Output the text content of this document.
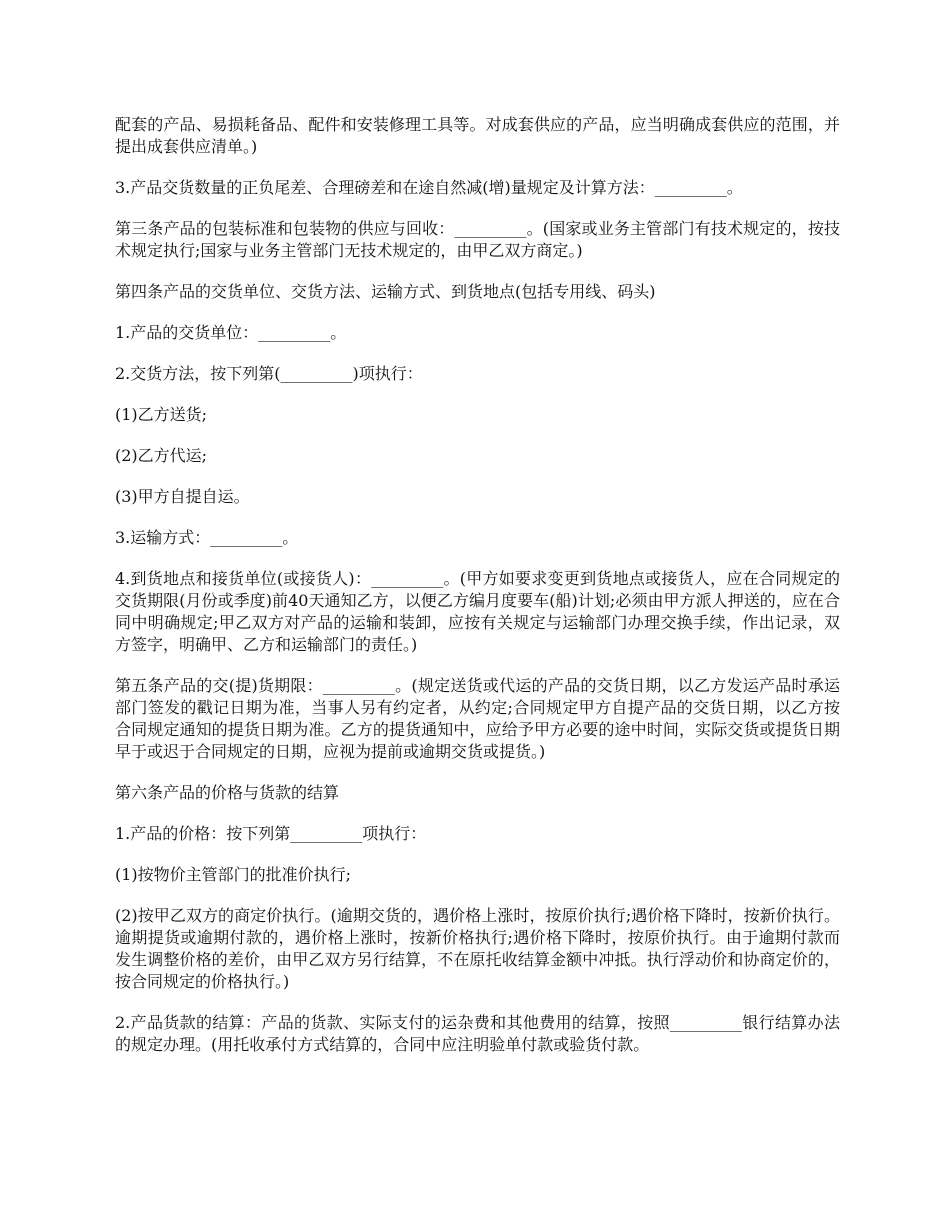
配套的产品、易损耗备品、配件和安装修理工具等。对成套供应的产品，应当明确成套供应的范围，并提出成套供应清单。)

3.产品交货数量的正负尾差、合理磅差和在途自然减(增)量规定及计算方法：_________。

第三条产品的包装标准和包装物的供应与回收：_________。(国家或业务主管部门有技术规定的，按技术规定执行;国家与业务主管部门无技术规定的，由甲乙双方商定。)

第四条产品的交货单位、交货方法、运输方式、到货地点(包括专用线、码头)

1.产品的交货单位：_________。

2.交货方法，按下列第(_________)项执行：

(1)乙方送货;

(2)乙方代运;

(3)甲方自提自运。

3.运输方式：_________。

4.到货地点和接货单位(或接货人)：_________。(甲方如要求变更到货地点或接货人，应在合同规定的交货期限(月份或季度)前40天通知乙方，以便乙方编月度要车(船)计划;必须由甲方派人押送的，应在合同中明确规定;甲乙双方对产品的运输和装卸，应按有关规定与运输部门办理交换手续，作出记录，双方签字，明确甲、乙方和运输部门的责任。)

第五条产品的交(提)货期限：_________。(规定送货或代运的产品的交货日期，以乙方发运产品时承运部门签发的戳记日期为准，当事人另有约定者，从约定;合同规定甲方自提产品的交货日期，以乙方按合同规定通知的提货日期为准。乙方的提货通知中，应给予甲方必要的途中时间，实际交货或提货日期早于或迟于合同规定的日期，应视为提前或逾期交货或提货。)

第六条产品的价格与货款的结算

1.产品的价格：按下列第_________项执行：

(1)按物价主管部门的批准价执行;

(2)按甲乙双方的商定价执行。(逾期交货的，遇价格上涨时，按原价执行;遇价格下降时，按新价执行。逾期提货或逾期付款的，遇价格上涨时，按新价格执行;遇价格下降时，按原价执行。由于逾期付款而发生调整价格的差价，由甲乙双方另行结算，不在原托收结算金额中冲抵。执行浮动价和协商定价的，按合同规定的价格执行。)

2.产品货款的结算：产品的货款、实际支付的运杂费和其他费用的结算，按照_________银行结算办法的规定办理。(用托收承付方式结算的，合同中应注明验单付款或验货付款。
